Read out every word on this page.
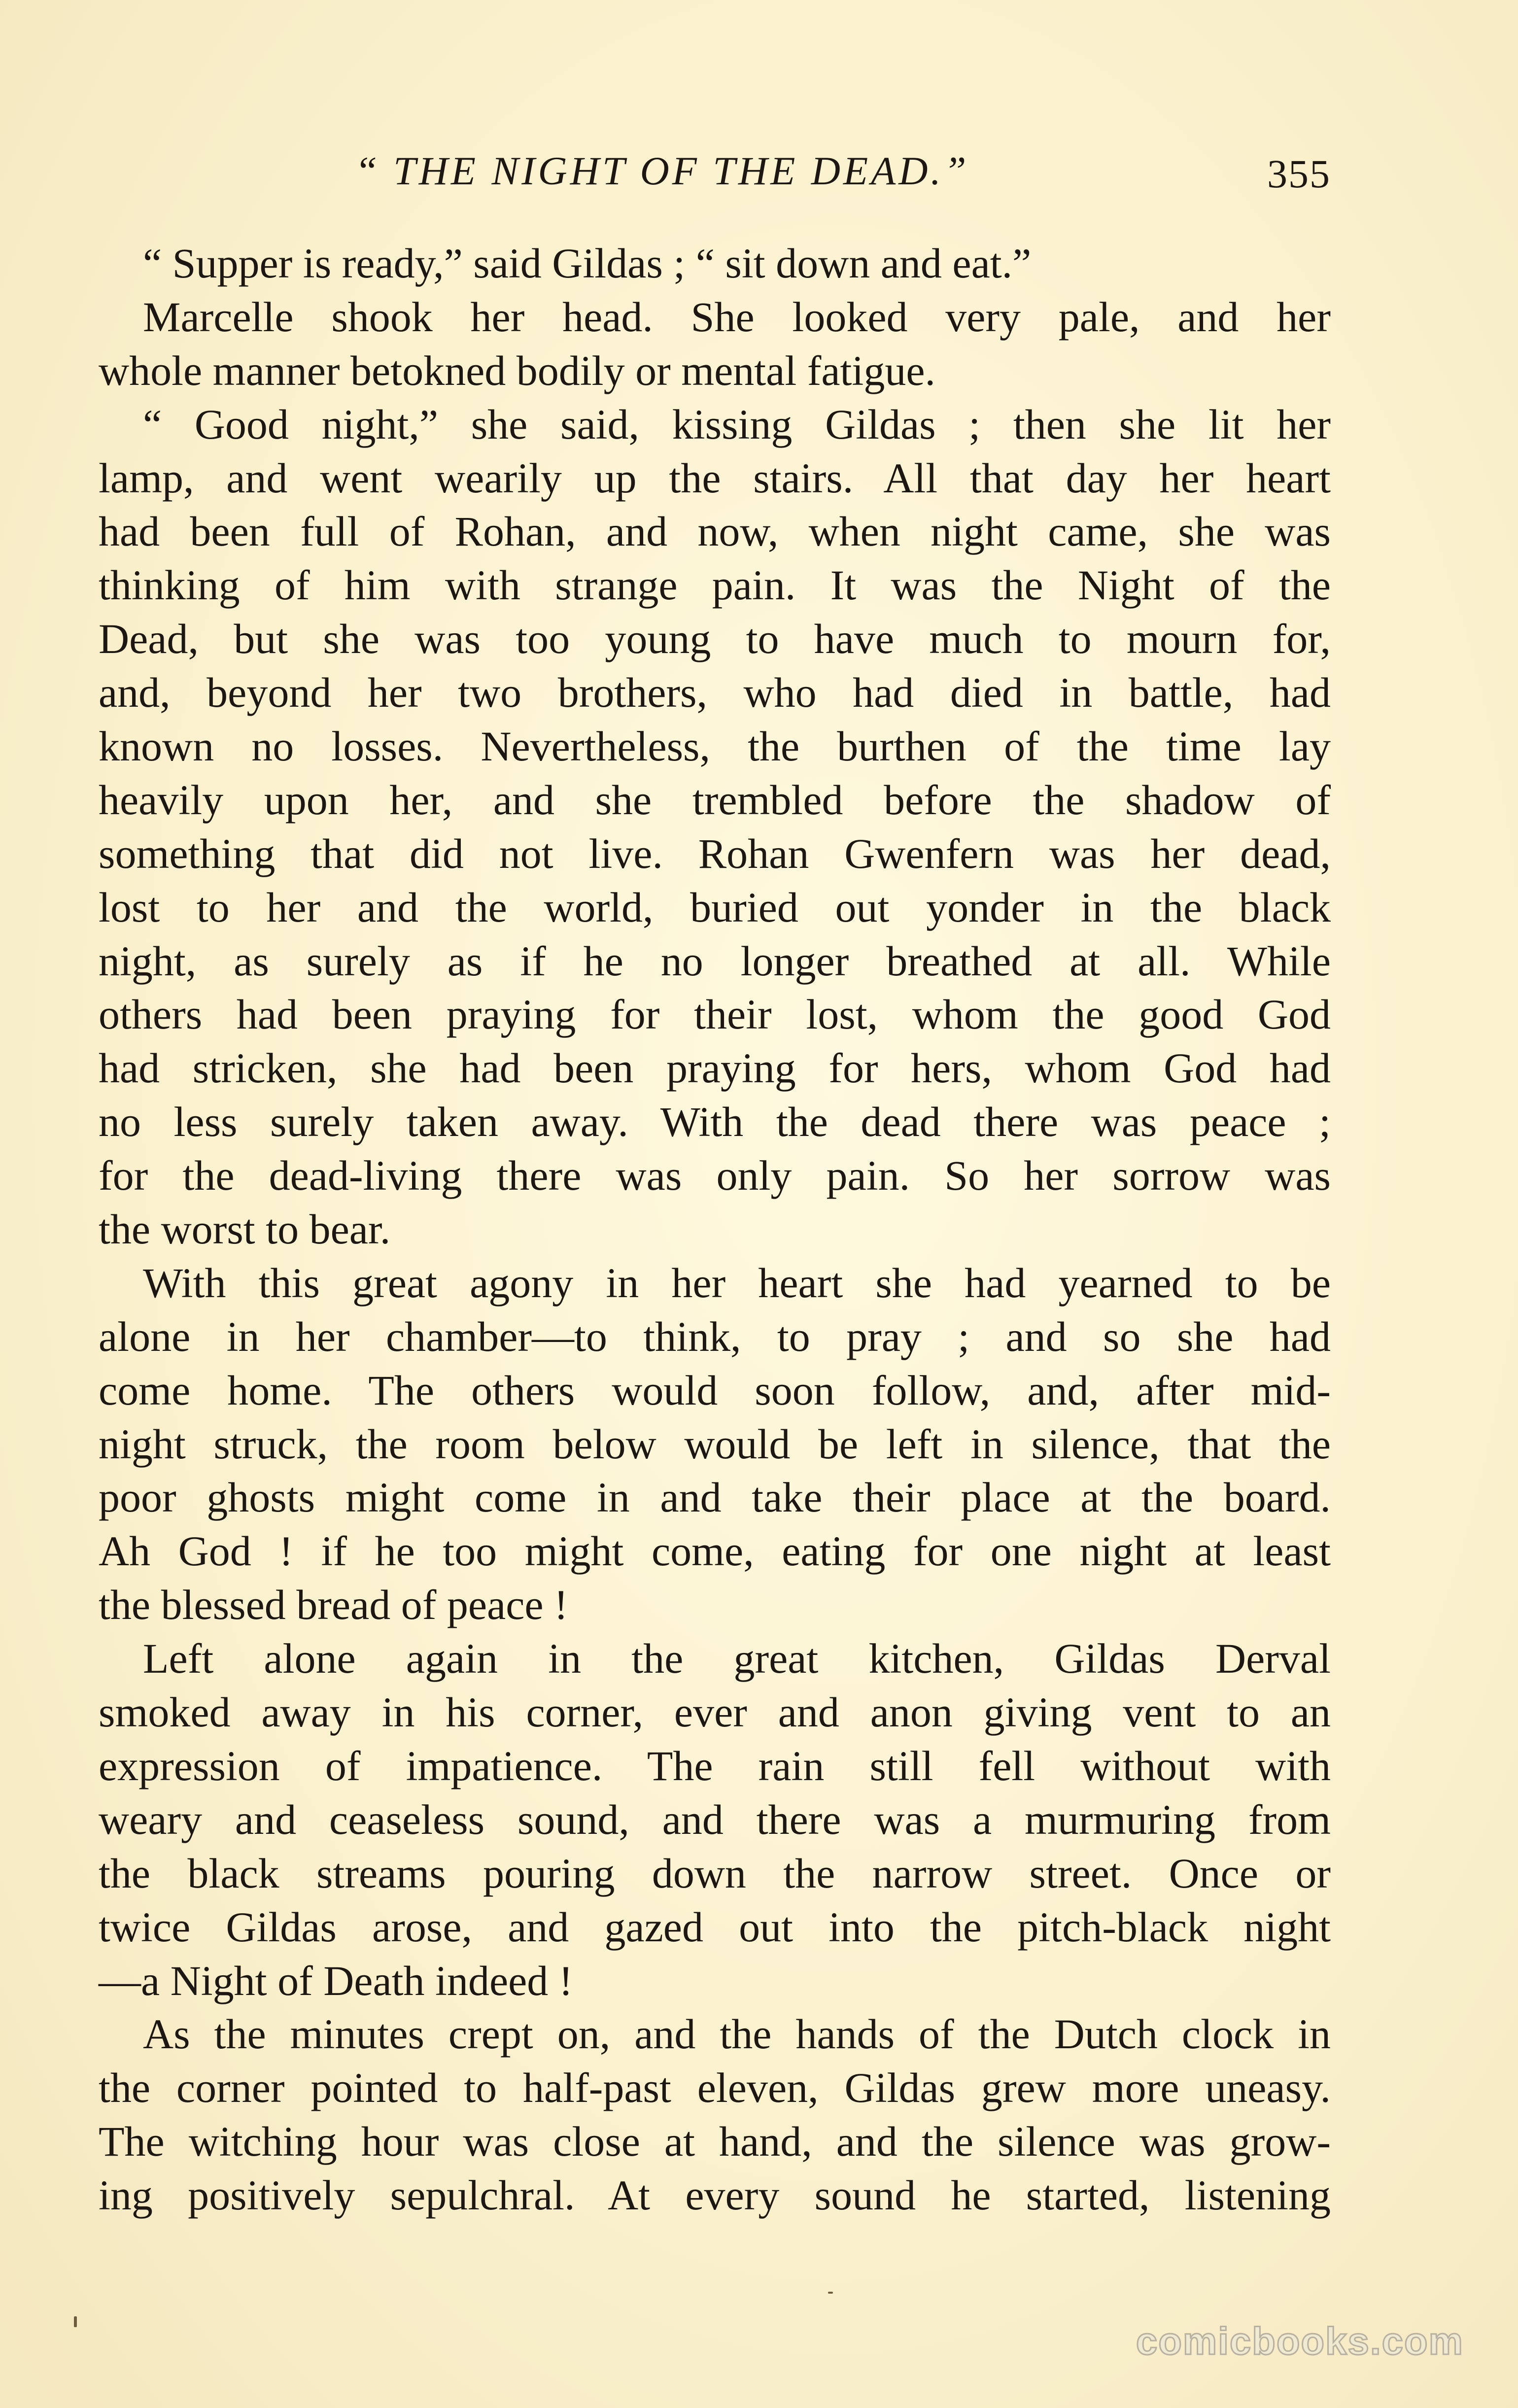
“ THE NIGHT OF THE DEAD.”	355
“ Supper is ready,” said Gildas ; “ sit down and eat.”
Marcelle shook her head. She looked very pale, and her
whole manner betokned bodily or mental fatigue.
“ Good night,” she said, kissing Gildas ; then she lit her
lamp, and went wearily up the stairs. All that day her heart
had been full of Rohan, and now, when night came, she was
thinking of him with strange pain. It was the Night of the
Dead, but she was too young to have much to mourn for,
and, beyond her two brothers, who had died in battle, had
known no losses. Nevertheless, the burthen of the time lay
heavily upon her, and she trembled before the shadow of
something that did not live. Rohan Gwenfern was her dead,
lost to her and the world, buried out yonder in the black
night, as surely as if he no longer breathed at all. While
others had been praying for their lost, whom the good God
had stricken, she had been praying for hers, whom God had
no less surely taken away. With the dead there was peace ;
for the dead-living there was only pain. So her sorrow was
the worst to bear.
With this great agony in her heart she had yearned to be
alone in her chamber—to think, to pray ; and so she had
come home. The others would soon follow, and, after mid-
night struck, the room below would be left in silence, that the
poor ghosts might come in and take their place at the board.
Ah God ! if he too might come, eating for one night at least
the blessed bread of peace !
Left alone again in the great kitchen, Gildas Derval
smoked away in his corner, ever and anon giving vent to an
expression of impatience. The rain still fell without with
weary and ceaseless sound, and there was a murmuring from
the black streams pouring down the narrow street. Once or
twice Gildas arose, and gazed out into the pitch-black night
—a Night of Death indeed !
As the minutes crept on, and the hands of the Dutch clock in
the corner pointed to half-past eleven, Gildas grew more uneasy.
The witching hour was close at hand, and the silence was grow-
ing positively sepulchral. At every sound he started, listening
comicbooks.com
